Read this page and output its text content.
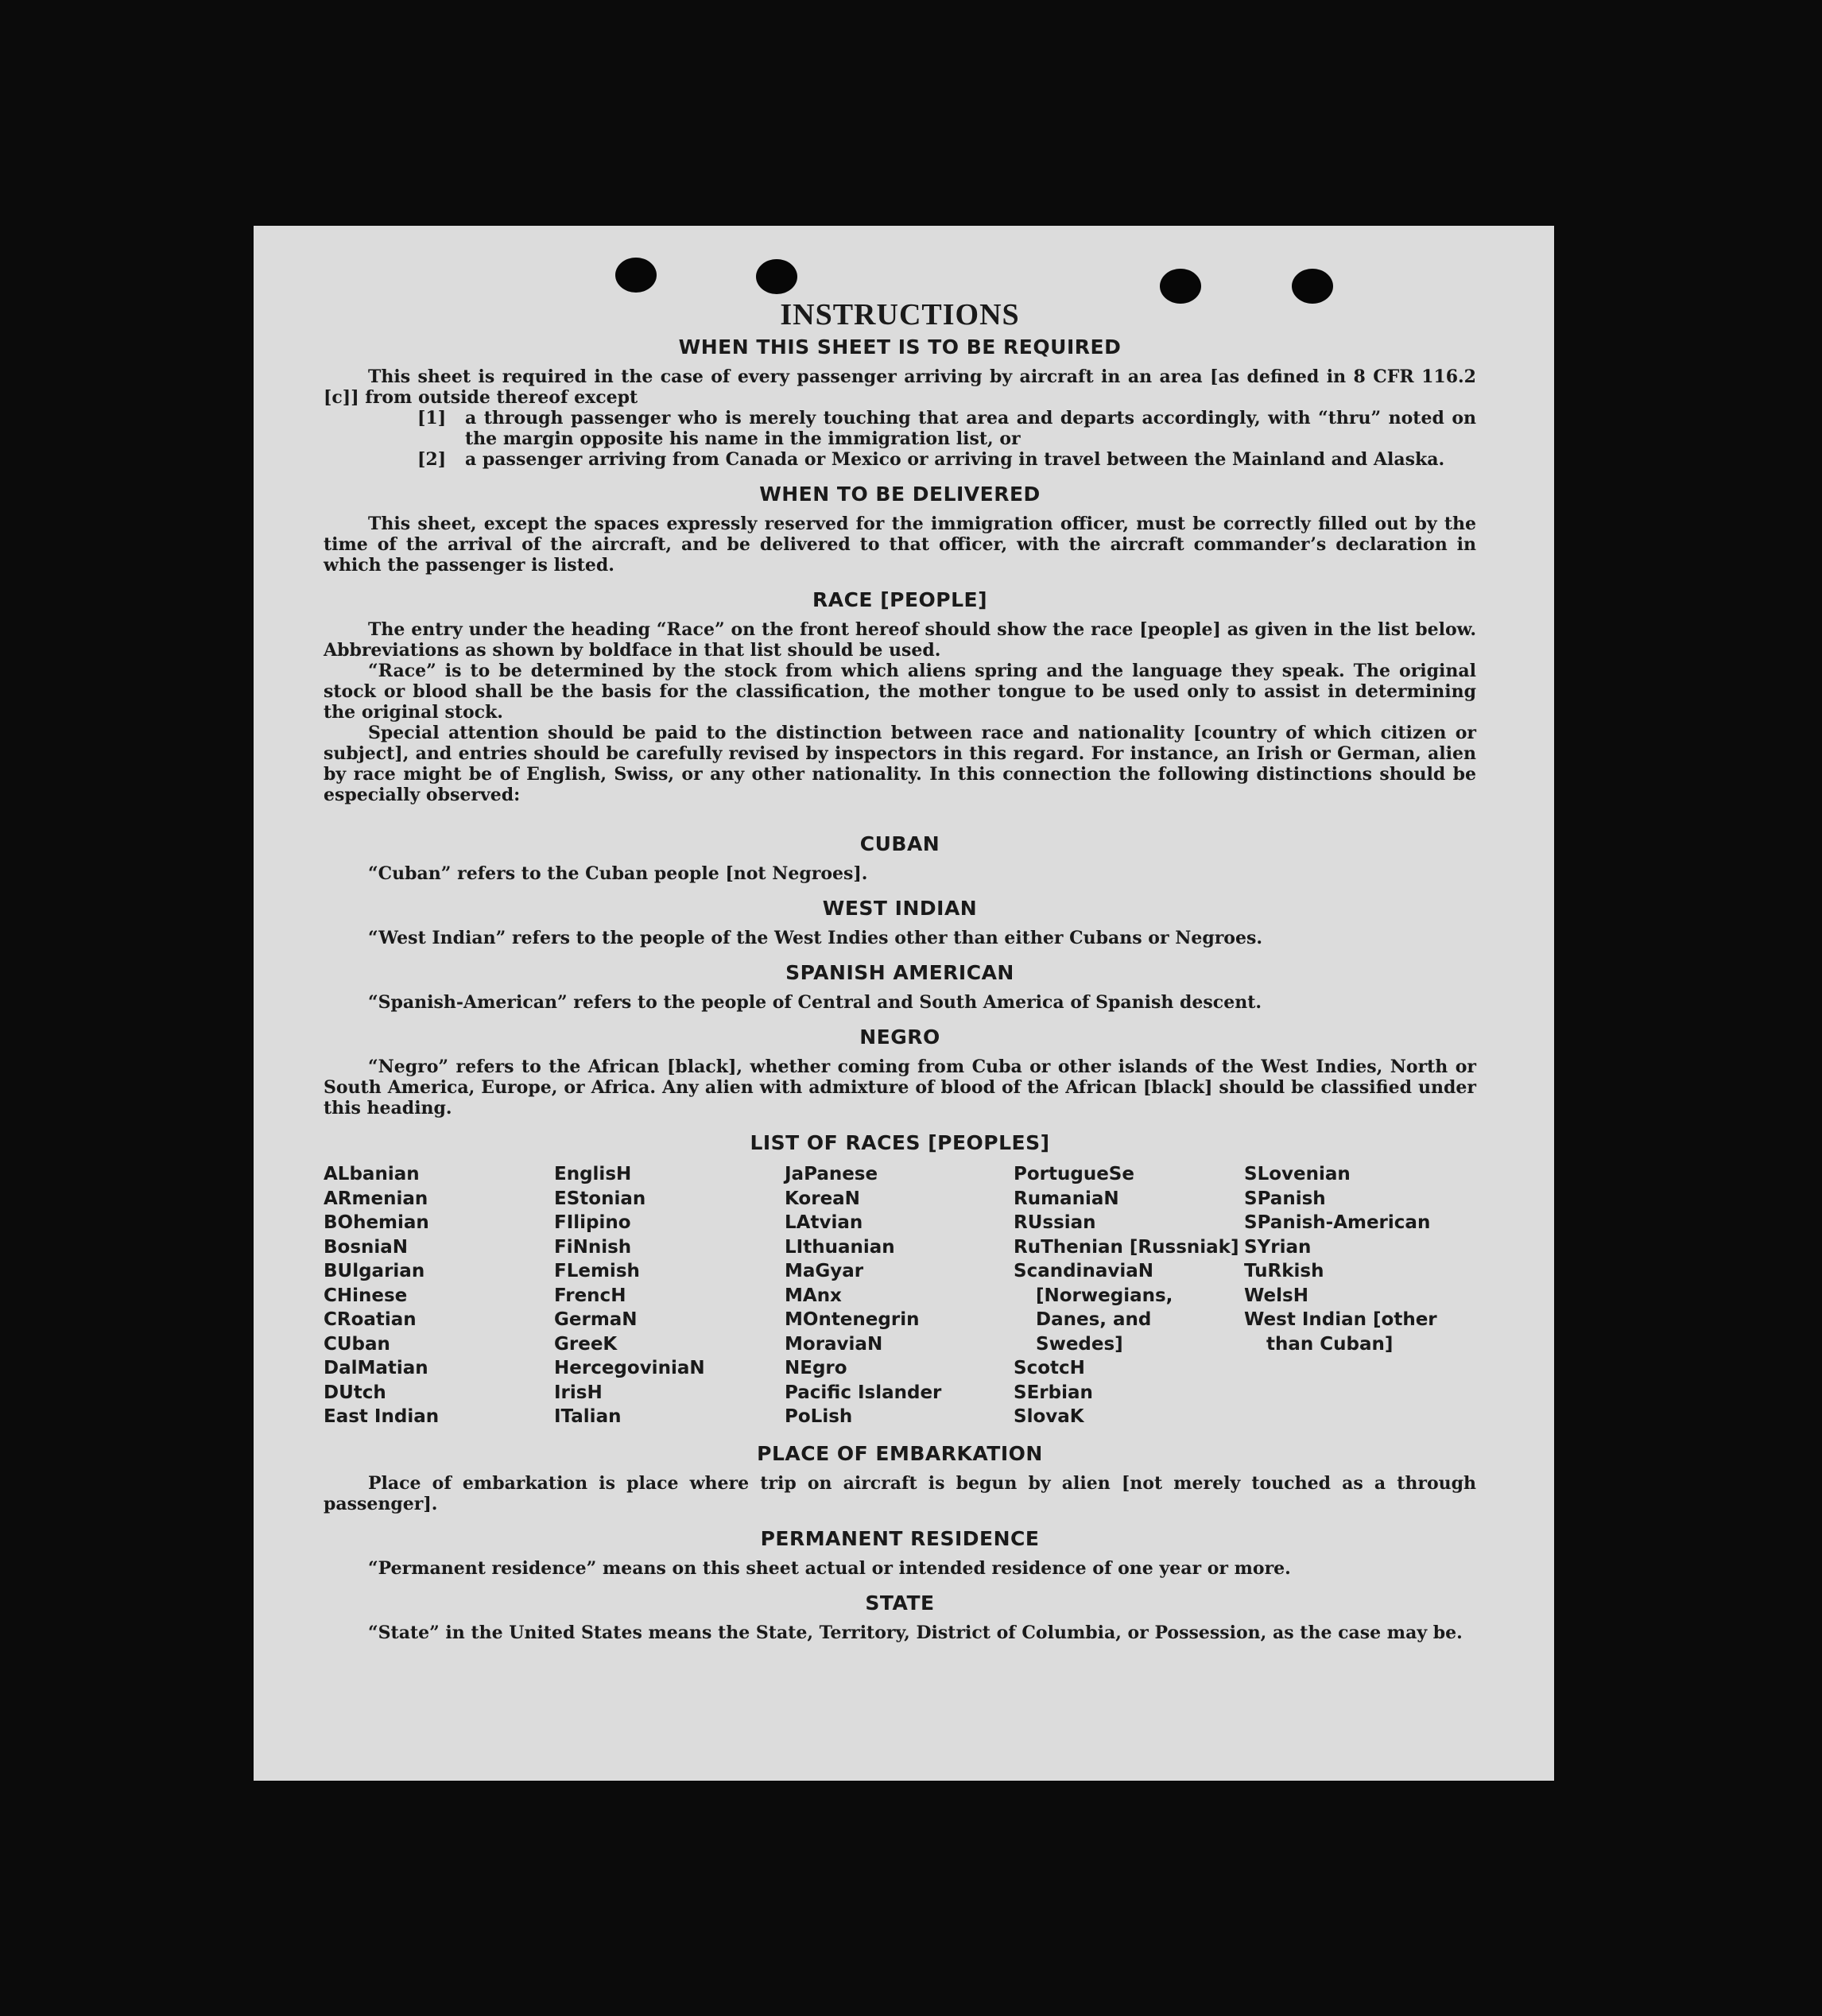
INSTRUCTIONS
WHEN THIS SHEET IS TO BE REQUIRED

This sheet is required in the case of every passenger arriving by aircraft in an area [as defined in 8 CFR 116.2 [c]] from outside thereof except

[1]	a through passenger who is merely touching that area and departs accordingly, with “thru” noted on the margin opposite his name in the immigration list, or
[2]	a passenger arriving from Canada or Mexico or arriving in travel between the Mainland and Alaska.
WHEN TO BE DELIVERED

This sheet, except the spaces expressly reserved for the immigration officer, must be correctly filled out by the time of the arrival of the aircraft, and be delivered to that officer, with the aircraft commander’s declaration in which the passenger is listed.

RACE [PEOPLE]

The entry under the heading “Race” on the front hereof should show the race [people] as given in the list below. Abbreviations as shown by boldface in that list should be used.

“Race” is to be determined by the stock from which aliens spring and the language they speak. The original stock or blood shall be the basis for the classification, the mother tongue to be used only to assist in determining the original stock.

Special attention should be paid to the distinction between race and nationality [country of which citizen or subject], and entries should be carefully revised by inspectors in this regard. For instance, an Irish or German, alien by race might be of English, Swiss, or any other nationality. In this connection the following distinctions should be especially observed:

CUBAN

“Cuban” refers to the Cuban people [not Negroes].

WEST INDIAN

“West Indian” refers to the people of the West Indies other than either Cubans or Negroes.

SPANISH AMERICAN

“Spanish-American” refers to the people of Central and South America of Spanish descent.

NEGRO

“Negro” refers to the African [black], whether coming from Cuba or other islands of the West Indies, North or South America, Europe, or Africa. Any alien with admixture of blood of the African [black] should be classified under this heading.

LIST OF RACES [PEOPLES]
ALbanian
ARmenian
BOhemian
BosniaN
BUlgarian
CHinese
CRoatian
CUban
DalMatian
DUtch
East Indian
EnglisH
EStonian
FIlipino
FiNnish
FLemish
FrencH
GermaN
GreeK
HercegoviniaN
IrisH
ITalian
JaPanese
KoreaN
LAtvian
LIthuanian
MaGyar
MAnx
MOntenegrin
MoraviaN
NEgro
Pacific Islander
PoLish
PortugueSe
RumaniaN
RUssian
RuThenian [Russniak]
ScandinaviaN [Norwegians, Danes, and Swedes]
ScotcH
SErbian
SlovaK
SLovenian
SPanish
SPanish-American
SYrian
TuRkish
WelsH
West Indian [other than Cuban]
PLACE OF EMBARKATION

Place of embarkation is place where trip on aircraft is begun by alien [not merely touched as a through passenger].

PERMANENT RESIDENCE

“Permanent residence” means on this sheet actual or intended residence of one year or more.

STATE

“State” in the United States means the State, Territory, District of Columbia, or Possession, as the case may be.
